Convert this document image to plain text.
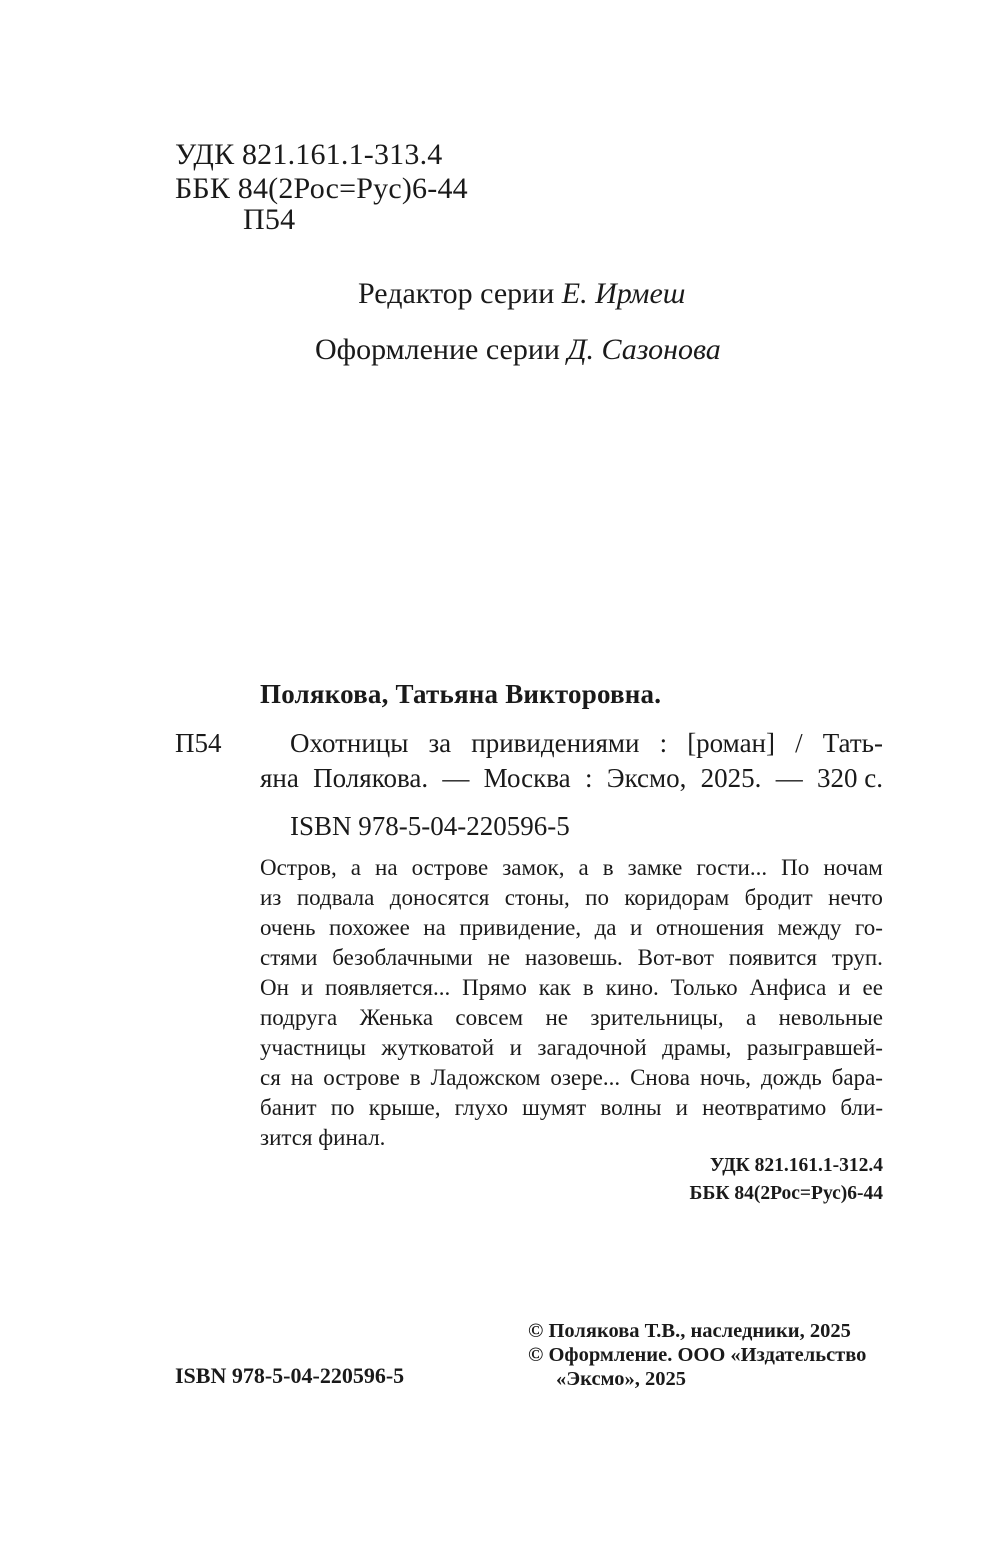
УДК 821.161.1-313.4
ББК 84(2Рос=Рус)6-44
П54
Редактор серии Е. Ирмеш
Оформление серии Д. Сазонова
Полякова, Татьяна Викторовна.
П54	Охотницы за привидениями : [роман] / Тать-
яна Полякова. — Москва : Эксмо, 2025. — 320 с.
ISBN 978-5-04-220596-5
Остров, а на острове замок, а в замке гости... По ночам
из подвала доносятся стоны, по коридорам бродит нечто
очень похожее на привидение, да и отношения между го-
стями безоблачными не назовешь. Вот-вот появится труп.
Он и появляется... Прямо как в кино. Только Анфиса и ее
подруга Женька совсем не зрительницы, а невольные
участницы жутковатой и загадочной драмы, разыгравшей-
ся на острове в Ладожском озере... Снова ночь, дождь бара-
банит по крыше, глухо шумят волны и неотвратимо бли-
зится финал.
УДК 821.161.1-312.4
ББК 84(2Рос=Рус)6-44
© Полякова Т.В., наследники, 2025
© Оформление. ООО «Издательство
«Эксмо», 2025
ISBN 978-5-04-220596-5
